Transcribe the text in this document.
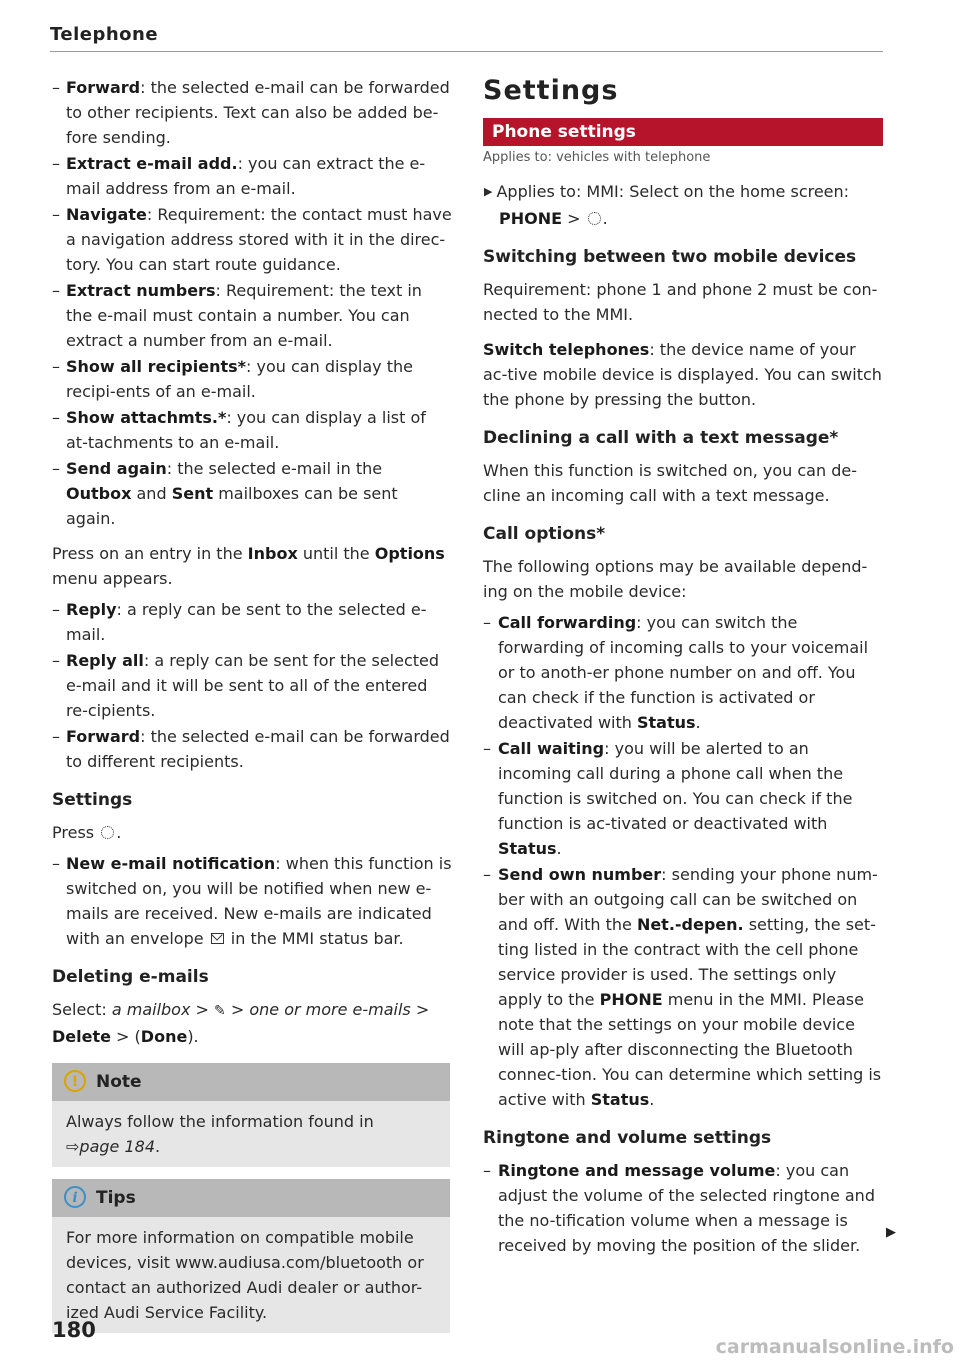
Telephone
– Forward: the selected e-mail can be forwarded to other recipients. Text can also be added be-fore sending.
– Extract e-mail add.: you can extract the e-mail address from an e-mail.
– Navigate: Requirement: the contact must have a navigation address stored with it in the direc-tory. You can start route guidance.
– Extract numbers: Requirement: the text in the e-mail must contain a number. You can extract a number from an e-mail.
– Show all recipients*: you can display the recipi-ents of an e-mail.
– Show attachmts.*: you can display a list of at-tachments to an e-mail.
– Send again: the selected e-mail in the Outbox and Sent mailboxes can be sent again.

Press on an entry in the Inbox until the Options menu appears.

– Reply: a reply can be sent to the selected e-mail.
– Reply all: a reply can be sent for the selected e-mail and it will be sent to all of the entered re-cipients.
– Forward: the selected e-mail can be forwarded to different recipients.
Settings

Press .

– New e-mail notification: when this function is switched on, you will be notified when new e-mails are received. New e-mails are indicated with an envelope  in the MMI status bar.
Deleting e-mails

Select: a mailbox > ✎ > one or more e-mails > Delete > (Done).

! Note
Always follow the information found in
⇨page 184.
i Tips
For more information on compatible mobile devices, visit www.audiusa.com/bluetooth or contact an authorized Audi dealer or author-ized Audi Service Facility.
Settings
Phone settings
Applies to: vehicles with telephone
▶ Applies to: MMI: Select on the home screen:
PHONE > .
Switching between two mobile devices

Requirement: phone 1 and phone 2 must be con-nected to the MMI.

Switch telephones: the device name of your ac-tive mobile device is displayed. You can switch the phone by pressing the button.

Declining a call with a text message*

When this function is switched on, you can de-cline an incoming call with a text message.

Call options*

The following options may be available depend-ing on the mobile device:

– Call forwarding: you can switch the forwarding of incoming calls to your voicemail or to anoth-er phone number on and off. You can check if the function is activated or deactivated with Status.
– Call waiting: you will be alerted to an incoming call during a phone call when the function is switched on. You can check if the function is ac-tivated or deactivated with Status.
– Send own number: sending your phone num-ber with an outgoing call can be switched on and off. With the Net.-depen. setting, the set-ting listed in the contract with the cell phone service provider is used. The settings only apply to the PHONE menu in the MMI. Please note that the settings on your mobile device will ap-ply after disconnecting the Bluetooth connec-tion. You can determine which setting is active with Status.
Ringtone and volume settings
– Ringtone and message volume: you can adjust the volume of the selected ringtone and the no-tification volume when a message is received by moving the position of the slider.
▶
180
carmanualsonline.info
